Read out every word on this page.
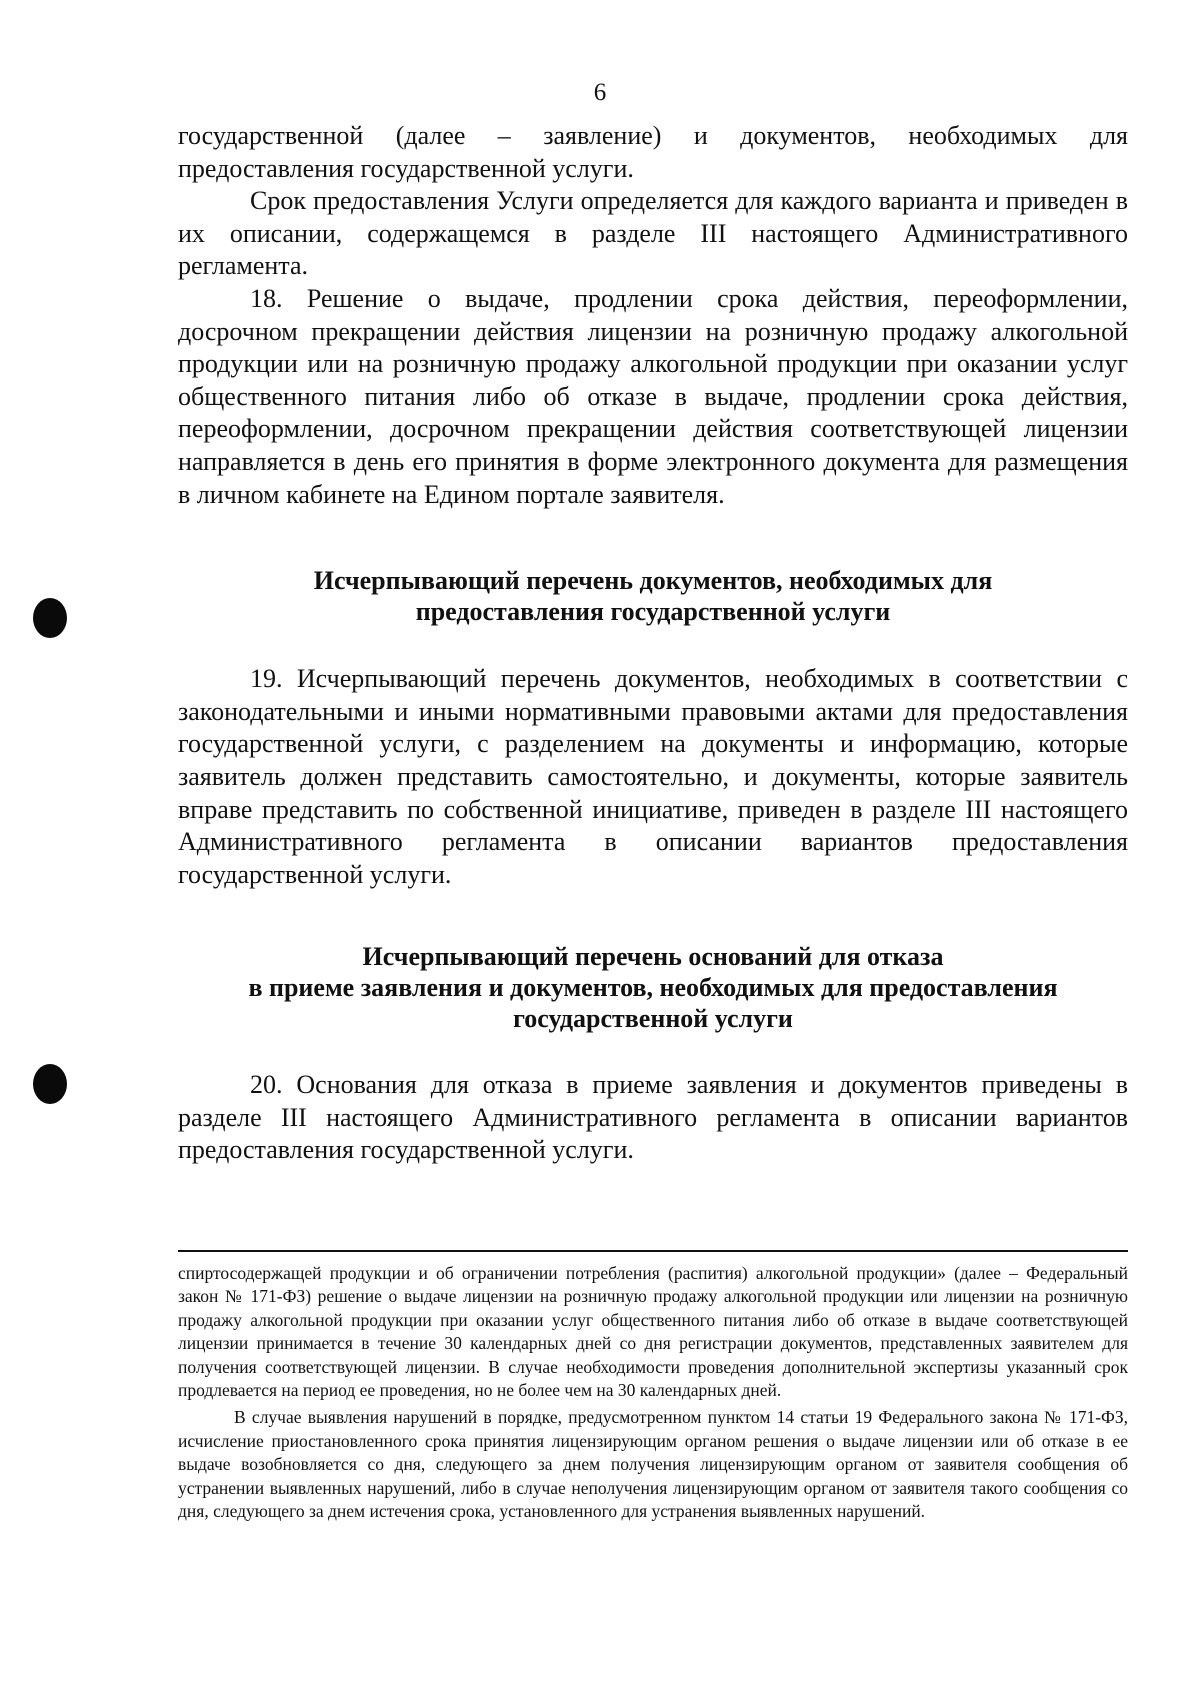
6

государственной (далее – заявление) и документов, необходимых для предоставления государственной услуги.

Срок предоставления Услуги определяется для каждого варианта и приведен в их описании, содержащемся в разделе III настоящего Административного регламента.

18. Решение о выдаче, продлении срока действия, переоформлении, досрочном прекращении действия лицензии на розничную продажу алкогольной продукции или на розничную продажу алкогольной продукции при оказании услуг общественного питания либо об отказе в выдаче, продлении срока действия, переоформлении, досрочном прекращении действия соответствующей лицензии направляется в день его принятия в форме электронного документа для размещения в личном кабинете на Едином портале заявителя.

Исчерпывающий перечень документов, необходимых для
предоставления государственной услуги

19. Исчерпывающий перечень документов, необходимых в соответствии с законодательными и иными нормативными правовыми актами для предоставления государственной услуги, с разделением на документы и информацию, которые заявитель должен представить самостоятельно, и документы, которые заявитель вправе представить по собственной инициативе, приведен в разделе III настоящего Административного регламента в описании вариантов предоставления государственной услуги.

Исчерпывающий перечень оснований для отказа
в приеме заявления и документов, необходимых для предоставления
государственной услуги

20. Основания для отказа в приеме заявления и документов приведены в разделе III настоящего Административного регламента в описании вариантов предоставления государственной услуги.

спиртосодержащей продукции и об ограничении потребления (распития) алкогольной продукции» (далее – Федеральный закон № 171-ФЗ) решение о выдаче лицензии на розничную продажу алкогольной продукции или лицензии на розничную продажу алкогольной продукции при оказании услуг общественного питания либо об отказе в выдаче соответствующей лицензии принимается в течение 30 календарных дней со дня регистрации документов, представленных заявителем для получения соответствующей лицензии. В случае необходимости проведения дополнительной экспертизы указанный срок продлевается на период ее проведения, но не более чем на 30 календарных дней.

В случае выявления нарушений в порядке, предусмотренном пунктом 14 статьи 19 Федерального закона № 171-ФЗ, исчисление приостановленного срока принятия лицензирующим органом решения о выдаче лицензии или об отказе в ее выдаче возобновляется со дня, следующего за днем получения лицензирующим органом от заявителя сообщения об устранении выявленных нарушений, либо в случае неполучения лицензирующим органом от заявителя такого сообщения со дня, следующего за днем истечения срока, установленного для устранения выявленных нарушений.
